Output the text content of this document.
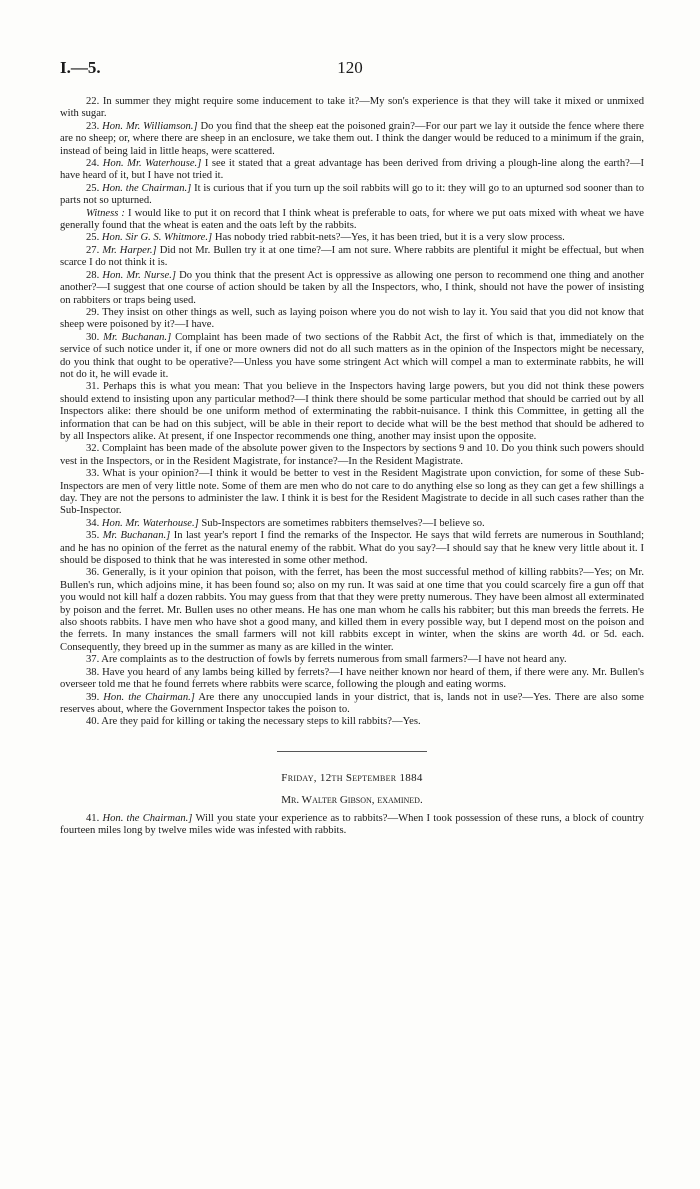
I.—5.	120

22. In summer they might require some inducement to take it?—My son's experience is that they will take it mixed or unmixed with sugar.

23. Hon. Mr. Williamson.] Do you find that the sheep eat the poisoned grain?—For our part we lay it outside the fence where there are no sheep; or, where there are sheep in an enclosure, we take them out. I think the danger would be reduced to a minimum if the grain, instead of being laid in little heaps, were scattered.

24. Hon. Mr. Waterhouse.] I see it stated that a great advantage has been derived from driving a plough-line along the earth?—I have heard of it, but I have not tried it.

25. Hon. the Chairman.] It is curious that if you turn up the soil rabbits will go to it: they will go to an upturned sod sooner than to parts not so upturned.

Witness : I would like to put it on record that I think wheat is preferable to oats, for where we put oats mixed with wheat we have generally found that the wheat is eaten and the oats left by the rabbits.

25. Hon. Sir G. S. Whitmore.] Has nobody tried rabbit-nets?—Yes, it has been tried, but it is a very slow process.

27. Mr. Harper.] Did not Mr. Bullen try it at one time?—I am not sure. Where rabbits are plentiful it might be effectual, but when scarce I do not think it is.

28. Hon. Mr. Nurse.] Do you think that the present Act is oppressive as allowing one person to recommend one thing and another another?—I suggest that one course of action should be taken by all the Inspectors, who, I think, should not have the power of insisting on rabbiters or traps being used.

29. They insist on other things as well, such as laying poison where you do not wish to lay it. You said that you did not know that sheep were poisoned by it?—I have.

30. Mr. Buchanan.] Complaint has been made of two sections of the Rabbit Act, the first of which is that, immediately on the service of such notice under it, if one or more owners did not do all such matters as in the opinion of the Inspectors might be necessary, do you think that ought to be operative?—Unless you have some stringent Act which will compel a man to exterminate rabbits, he will not do it, he will evade it.

31. Perhaps this is what you mean: That you believe in the Inspectors having large powers, but you did not think these powers should extend to insisting upon any particular method?—I think there should be some particular method that should be carried out by all Inspectors alike: there should be one uniform method of exterminating the rabbit-nuisance. I think this Committee, in getting all the information that can be had on this subject, will be able in their report to decide what will be the best method that should be adhered to by all Inspectors alike. At present, if one Inspector recommends one thing, another may insist upon the opposite.

32. Complaint has been made of the absolute power given to the Inspectors by sections 9 and 10. Do you think such powers should vest in the Inspectors, or in the Resident Magistrate, for instance?—In the Resident Magistrate.

33. What is your opinion?—I think it would be better to vest in the Resident Magistrate upon conviction, for some of these Sub-Inspectors are men of very little note. Some of them are men who do not care to do anything else so long as they can get a few shillings a day. They are not the persons to administer the law. I think it is best for the Resident Magistrate to decide in all such cases rather than the Sub-Inspector.

34. Hon. Mr. Waterhouse.] Sub-Inspectors are sometimes rabbiters themselves?—I believe so.

35. Mr. Buchanan.] In last year's report I find the remarks of the Inspector. He says that wild ferrets are numerous in Southland; and he has no opinion of the ferret as the natural enemy of the rabbit. What do you say?—I should say that he knew very little about it. I should be disposed to think that he was interested in some other method.

36. Generally, is it your opinion that poison, with the ferret, has been the most successful method of killing rabbits?—Yes; on Mr. Bullen's run, which adjoins mine, it has been found so; also on my run. It was said at one time that you could scarcely fire a gun off that you would not kill half a dozen rabbits. You may guess from that that they were pretty numerous. They have been almost all exterminated by poison and the ferret. Mr. Bullen uses no other means. He has one man whom he calls his rabbiter; but this man breeds the ferrets. He also shoots rabbits. I have men who have shot a good many, and killed them in every possible way, but I depend most on the poison and the ferrets. In many instances the small farmers will not kill rabbits except in winter, when the skins are worth 4d. or 5d. each. Consequently, they breed up in the summer as many as are killed in the winter.

37. Are complaints as to the destruction of fowls by ferrets numerous from small farmers?—I have not heard any.

38. Have you heard of any lambs being killed by ferrets?—I have neither known nor heard of them, if there were any. Mr. Bullen's overseer told me that he found ferrets where rabbits were scarce, following the plough and eating worms.

39. Hon. the Chairman.] Are there any unoccupied lands in your district, that is, lands not in use?—Yes. There are also some reserves about, where the Government Inspector takes the poison to.

40. Are they paid for killing or taking the necessary steps to kill rabbits?—Yes.

Friday, 12th September 1884
Mr. Walter Gibson, examined.

41. Hon. the Chairman.] Will you state your experience as to rabbits?—When I took possession of these runs, a block of country fourteen miles long by twelve miles wide was infested with rabbits.
